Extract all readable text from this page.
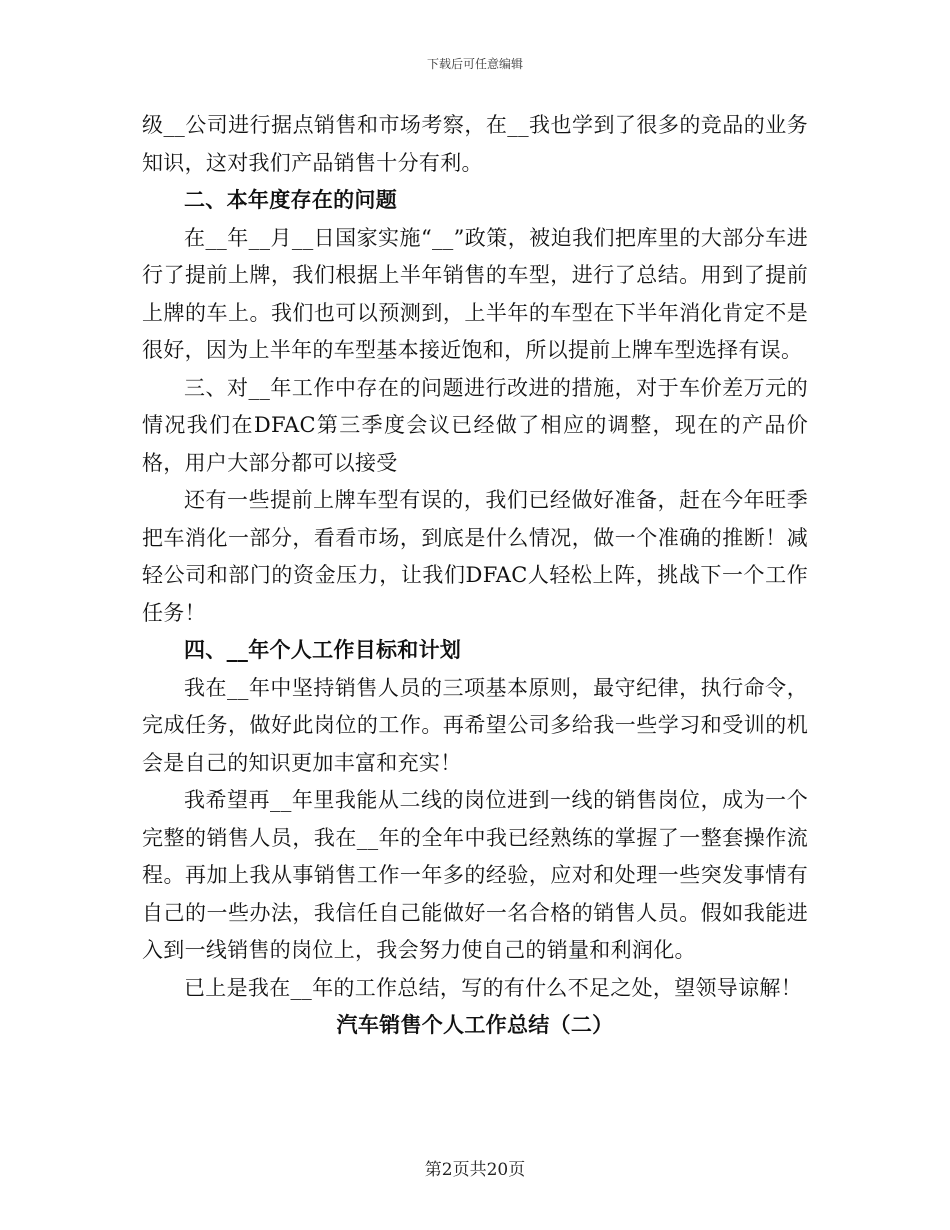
下载后可任意编辑

级__公司进行据点销售和市场考察，在__我也学到了很多的竞品的业务知识，这对我们产品销售十分有利。

二、本年度存在的问题

在__年__月__日国家实施“__”政策，被迫我们把库里的大部分车进行了提前上牌，我们根据上半年销售的车型，进行了总结。用到了提前上牌的车上。我们也可以预测到，上半年的车型在下半年消化肯定不是很好，因为上半年的车型基本接近饱和，所以提前上牌车型选择有误。

三、对__年工作中存在的问题进行改进的措施，对于车价差万元的情况我们在DFAC第三季度会议已经做了相应的调整，现在的产品价格，用户大部分都可以接受

还有一些提前上牌车型有误的，我们已经做好准备，赶在今年旺季把车消化一部分，看看市场，到底是什么情况，做一个准确的推断！减轻公司和部门的资金压力，让我们DFAC人轻松上阵，挑战下一个工作任务！

四、__年个人工作目标和计划

我在__年中坚持销售人员的三项基本原则，最守纪律，执行命令，完成任务，做好此岗位的工作。再希望公司多给我一些学习和受训的机会是自己的知识更加丰富和充实！

我希望再__年里我能从二线的岗位进到一线的销售岗位，成为一个完整的销售人员，我在__年的全年中我已经熟练的掌握了一整套操作流程。再加上我从事销售工作一年多的经验，应对和处理一些突发事情有自己的一些办法，我信任自己能做好一名合格的销售人员。假如我能进入到一线销售的岗位上，我会努力使自己的销量和利润化。

已上是我在__年的工作总结，写的有什么不足之处，望领导谅解！

汽车销售个人工作总结（二）

第2页共20页
